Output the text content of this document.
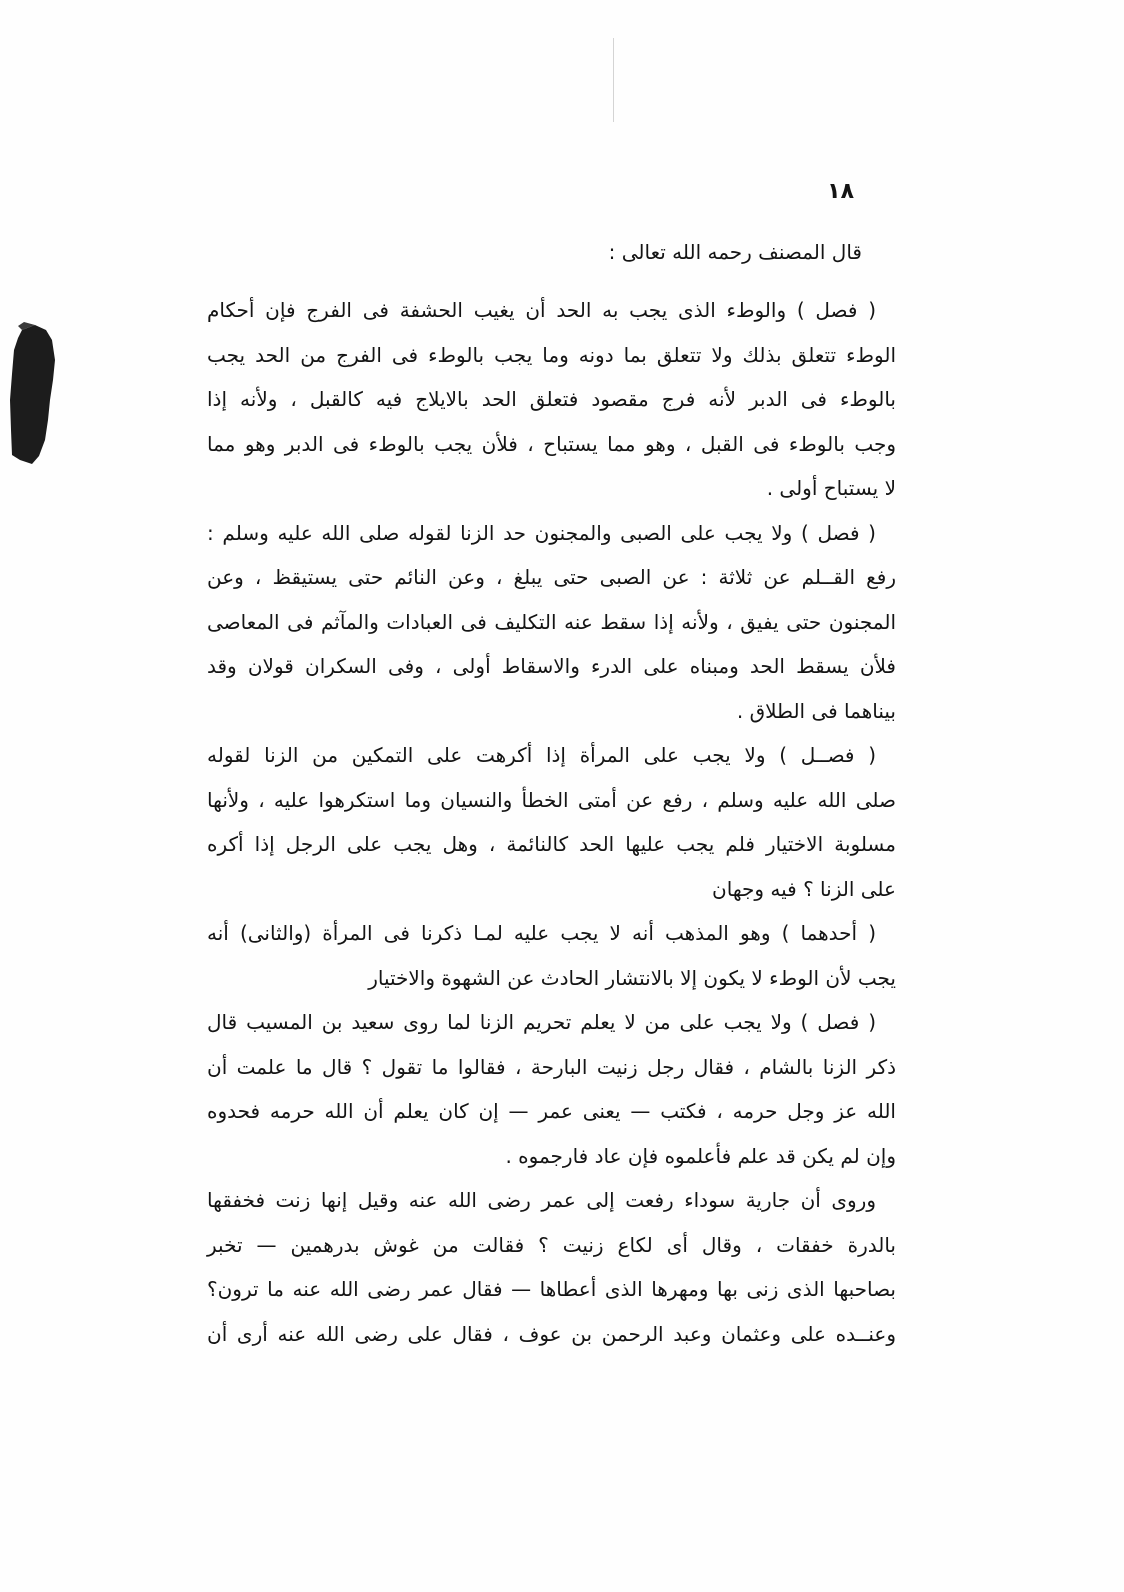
١٨
قال المصنف رحمه الله تعالى :
( فصل ) والوطء الذى يجب به الحد أن يغيب الحشفة فى الفرج فإن أحكام
الوطء تتعلق بذلك ولا تتعلق بما دونه وما يجب بالوطء فى الفرج من الحد يجب
بالوطء فى الدبر لأنه فرج مقصود فتعلق الحد بالايلاج فيه كالقبل ، ولأنه إذا
وجب بالوطء فى القبل ، وهو مما يستباح ، فلأن يجب بالوطء فى الدبر وهو مما
لا يستباح أولى .
( فصل ) ولا يجب على الصبى والمجنون حد الزنا لقوله صلى الله عليه وسلم :
رفع القــلم عن ثلاثة : عن الصبى حتى يبلغ ، وعن النائم حتى يستيقظ ، وعن
المجنون حتى يفيق ، ولأنه إذا سقط عنه التكليف فى العبادات والمآثم فى المعاصى
فلأن يسقط الحد ومبناه على الدرء والاسقاط أولى ، وفى السكران قولان وقد
بيناهما فى الطلاق .
( فصــل ) ولا يجب على المرأة إذا أكرهت على التمكين من الزنا لقوله
صلى الله عليه وسلم ، رفع عن أمتى الخطأ والنسيان وما استكرهوا عليه ، ولأنها
مسلوبة الاختيار فلم يجب عليها الحد كالنائمة ، وهل يجب على الرجل إذا أكره
على الزنا ؟ فيه وجهان
( أحدهما ) وهو المذهب أنه لا يجب عليه لمـا ذكرنا فى المرأة (والثانى) أنه
يجب لأن الوطء لا يكون إلا بالانتشار الحادث عن الشهوة والاختيار
( فصل ) ولا يجب على من لا يعلم تحريم الزنا لما روى سعيد بن المسيب قال
ذكر الزنا بالشام ، فقال رجل زنيت البارحة ، فقالوا ما تقول ؟ قال ما علمت أن
الله عز وجل حرمه ، فكتب — يعنى عمر — إن كان يعلم أن الله حرمه فحدوه
وإن لم يكن قد علم فأعلموه فإن عاد فارجموه .
وروى أن جارية سوداء رفعت إلى عمر رضى الله عنه وقيل إنها زنت فخفقها
بالدرة خفقات ، وقال أى لكاع زنيت ؟ فقالت من غوش بدرهمين — تخبر
بصاحبها الذى زنى بها ومهرها الذى أعطاها — فقال عمر رضى الله عنه ما ترون؟
وعنــده على وعثمان وعبد الرحمن بن عوف ، فقال على رضى الله عنه أرى أن
